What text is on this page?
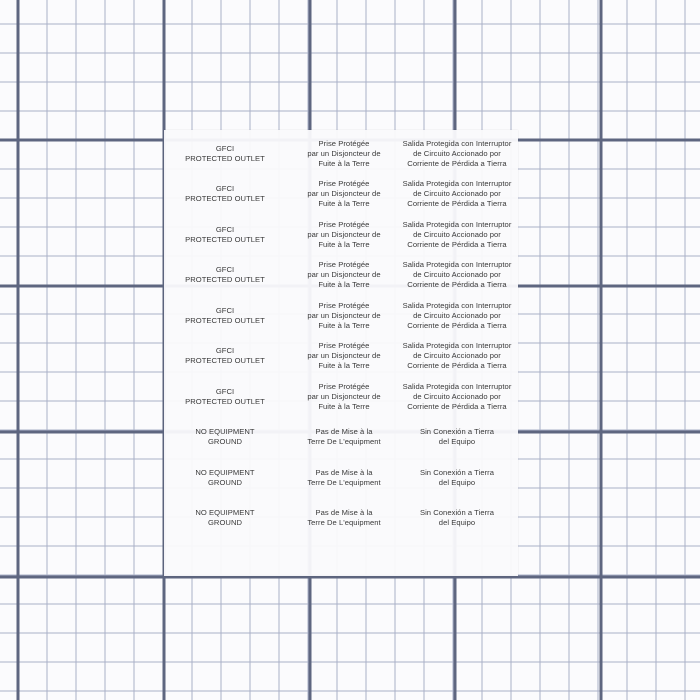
GFCI
PROTECTED OUTLET
Prise Protégée
par un Disjoncteur de
Fuite à la Terre
Salida Protegida con Interruptor
de Circuito Accionado por
Corriente de Pérdida a Tierra
GFCI
PROTECTED OUTLET
Prise Protégée
par un Disjoncteur de
Fuite à la Terre
Salida Protegida con Interruptor
de Circuito Accionado por
Corriente de Pérdida a Tierra
GFCI
PROTECTED OUTLET
Prise Protégée
par un Disjoncteur de
Fuite à la Terre
Salida Protegida con Interruptor
de Circuito Accionado por
Corriente de Pérdida a Tierra
GFCI
PROTECTED OUTLET
Prise Protégée
par un Disjoncteur de
Fuite à la Terre
Salida Protegida con Interruptor
de Circuito Accionado por
Corriente de Pérdida a Tierra
GFCI
PROTECTED OUTLET
Prise Protégée
par un Disjoncteur de
Fuite à la Terre
Salida Protegida con Interruptor
de Circuito Accionado por
Corriente de Pérdida a Tierra
GFCI
PROTECTED OUTLET
Prise Protégée
par un Disjoncteur de
Fuite à la Terre
Salida Protegida con Interruptor
de Circuito Accionado por
Corriente de Pérdida a Tierra
GFCI
PROTECTED OUTLET
Prise Protégée
par un Disjoncteur de
Fuite à la Terre
Salida Protegida con Interruptor
de Circuito Accionado por
Corriente de Pérdida a Tierra
NO EQUIPMENT
GROUND
Pas de Mise à la
Terre De L'equipment
Sin Conexión a Tierra
del Equipo
NO EQUIPMENT
GROUND
Pas de Mise à la
Terre De L'equipment
Sin Conexión a Tierra
del Equipo
NO EQUIPMENT
GROUND
Pas de Mise à la
Terre De L'equipment
Sin Conexión a Tierra
del Equipo
